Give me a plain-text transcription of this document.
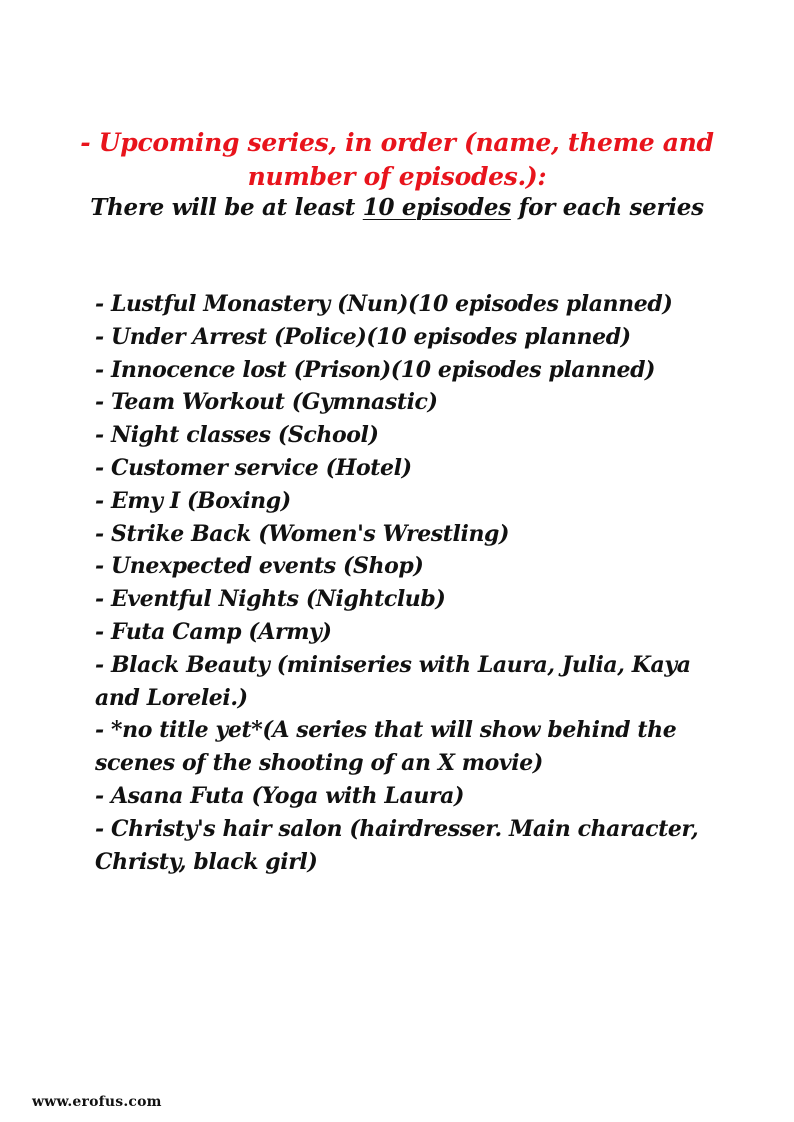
- Upcoming series, in order (name, theme and number of episodes.):
There will be at least 10 episodes for each series
- Lustful Monastery (Nun)(10 episodes planned)
- Under Arrest (Police)(10 episodes planned)
- Innocence lost (Prison)(10 episodes planned)
- Team Workout (Gymnastic)
- Night classes (School)
- Customer service (Hotel)
- Emy I (Boxing)
- Strike Back (Women's Wrestling)
- Unexpected events (Shop)
- Eventful Nights (Nightclub)
- Futa Camp (Army)
- Black Beauty (miniseries with Laura, Julia, Kaya and Lorelei.)
- *no title yet*(A series that will show behind the scenes of the shooting of an X movie)
- Asana Futa (Yoga with Laura)
- Christy's hair salon (hairdresser. Main character, Christy, black girl)
www.erofus.com
